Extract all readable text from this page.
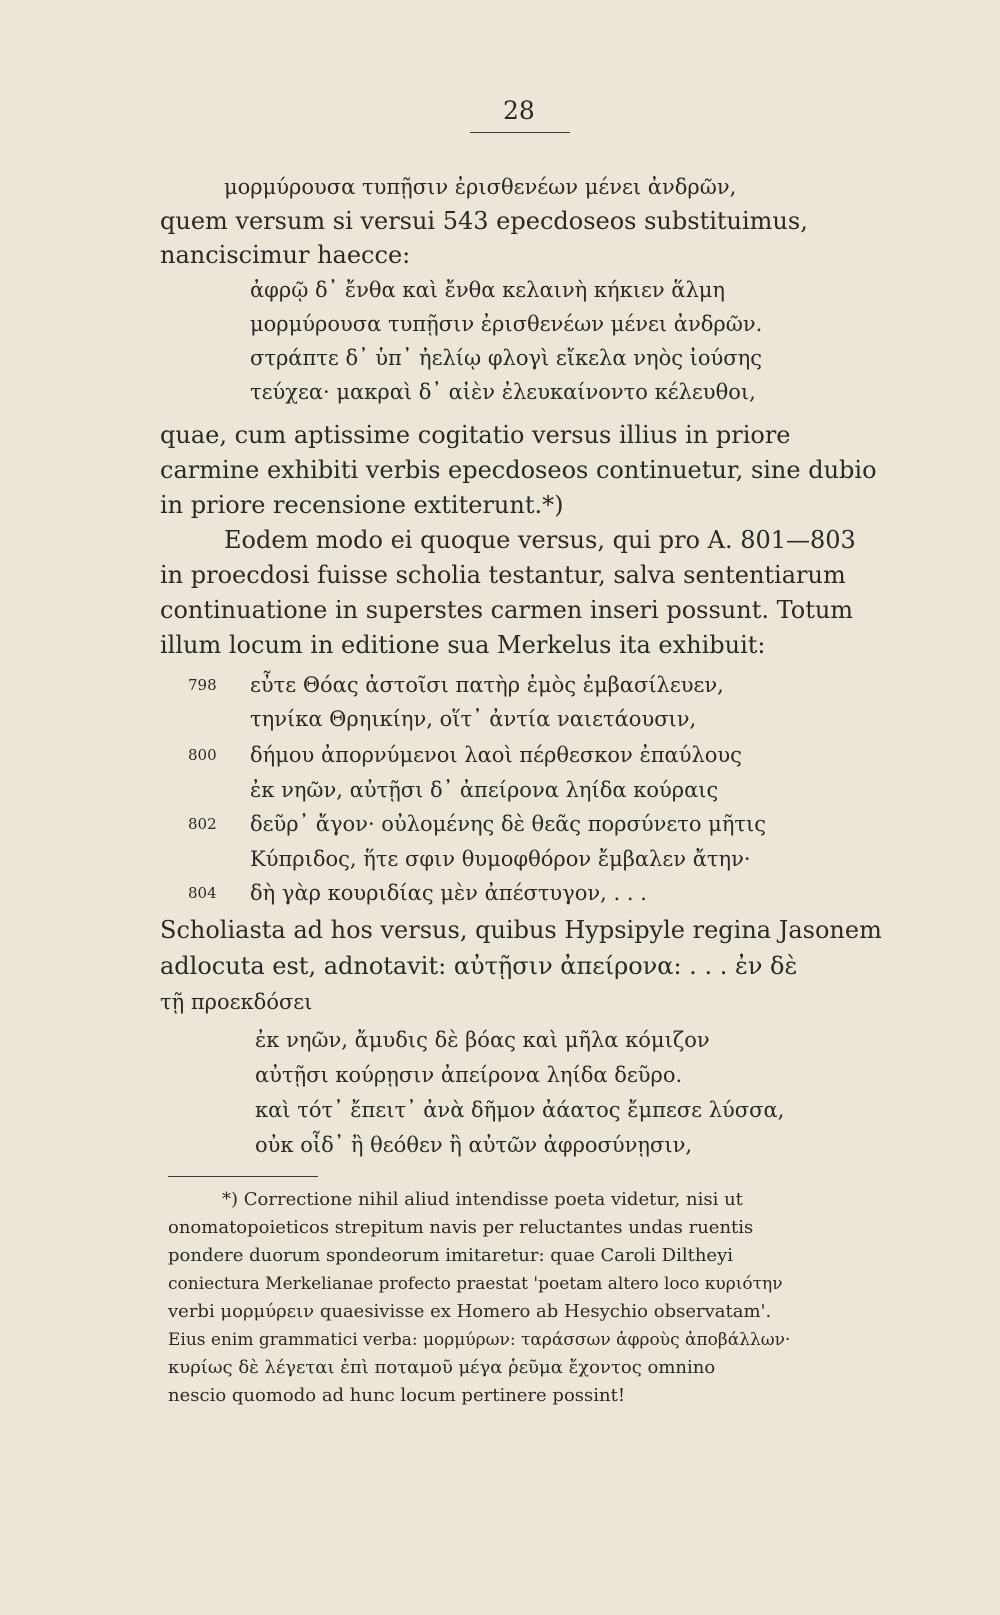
28
μορμύρουσα τυπῇσιν ἐρισθενέων μένει ἀνδρῶν,
quem versum si versui 543 epecdoseos substituimus,
nanciscimur haecce:
ἀφρῷ δ᾽ ἔνθα καὶ ἔνθα κελαινὴ κήκιεν ἅλμη
μορμύρουσα τυπῇσιν ἐρισθενέων μένει ἀνδρῶν.
στράπτε δ᾽ ὑπ᾽ ἠελίῳ φλογὶ εἴκελα νηὸς ἰούσης
τεύχεα· μακραὶ δ᾽ αἰὲν ἐλευκαίνοντο κέλευθοι,
quae, cum aptissime cogitatio versus illius in priore
carmine exhibiti verbis epecdoseos continuetur, sine dubio
in priore recensione extiterunt.*)
Eodem modo ei quoque versus, qui pro A. 801—803
in proecdosi fuisse scholia testantur, salva sententiarum
continuatione in superstes carmen inseri possunt. Totum
illum locum in editione sua Merkelus ita exhibuit:
798 εὖτε Θόας ἀστοῖσι πατὴρ ἐμὸς ἐμβασίλευεν,
τηνίκα Θρηικίην, οἵτ᾽ ἀντία ναιετάουσιν,
800 δήμου ἀπορνύμενοι λαοὶ πέρθεσκον ἐπαύλους
ἐκ νηῶν, αὐτῇσι δ᾽ ἀπείρονα ληίδα κούραις
802 δεῦρ᾽ ἄγον· οὐλομένης δὲ θεᾶς πορσύνετο μῆτις
Κύπριδος, ἥτε σφιν θυμοφθόρον ἔμβαλεν ἄτην·
804 δὴ γὰρ κουριδίας μὲν ἀπέστυγον, . . .
Scholiasta ad hos versus, quibus Hypsipyle regina Jasonem
adlocuta est, adnotavit: αὐτῇσιν ἀπείρονα: . . . ἐν δὲ
τῇ προεκδόσει
ἐκ νηῶν, ἄμυδις δὲ βόας καὶ μῆλα κόμιζον
αὐτῇσι κούρῃσιν ἀπείρονα ληίδα δεῦρο.
καὶ τότ᾽ ἔπειτ᾽ ἀνὰ δῆμον ἀάατος ἔμπεσε λύσσα,
οὐκ οἶδ᾽ ἢ θεόθεν ἢ αὐτῶν ἀφροσύνῃσιν,
*) Correctione nihil aliud intendisse poeta videtur, nisi ut
onomatopoieticos strepitum navis per reluctantes undas ruentis
pondere duorum spondeorum imitaretur: quae Caroli Diltheyi
coniectura Merkelianae profecto praestat 'poetam altero loco κυριότην
verbi μορμύρειν quaesivisse ex Homero ab Hesychio observatam'.
Eius enim grammatici verba: μορμύρων: ταράσσων ἀφροὺς ἀποβάλλων·
κυρίως δὲ λέγεται ἐπὶ ποταμοῦ μέγα ῥεῦμα ἔχοντος omnino
nescio quomodo ad hunc locum pertinere possint!
